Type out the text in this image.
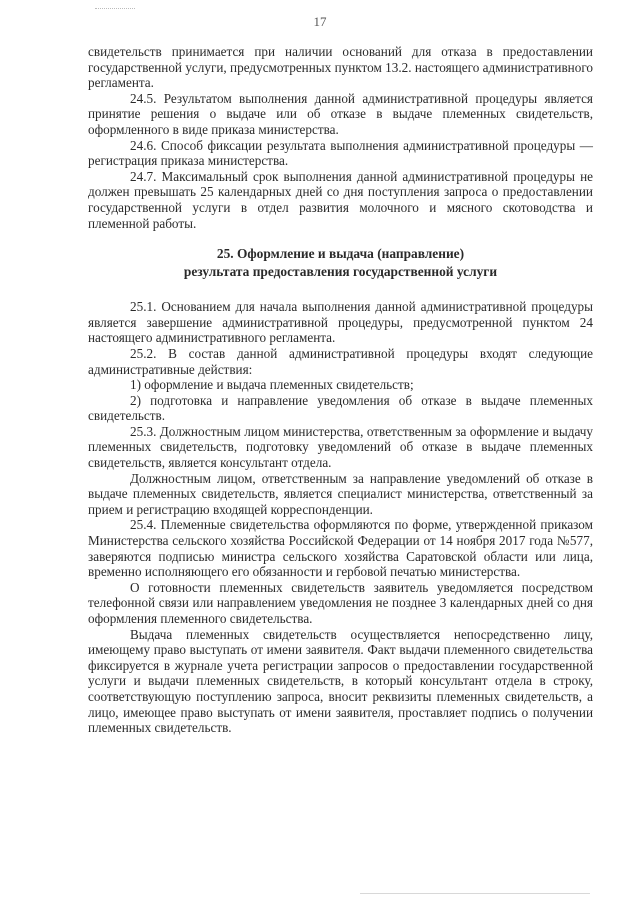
17

свидетельств принимается при наличии оснований для отказа в предоставлении государственной услуги, предусмотренных пунктом 13.2. настоящего административного регламента.

24.5. Результатом выполнения данной административной процедуры является принятие решения о выдаче или об отказе в выдаче племенных свидетельств, оформленного в виде приказа министерства.

24.6. Способ фиксации результата выполнения административной процедуры — регистрация приказа министерства.

24.7. Максимальный срок выполнения данной административной процедуры не должен превышать 25 календарных дней со дня поступления запроса о предоставлении государственной услуги в отдел развития молочного и мясного скотоводства и племенной работы.

25. Оформление и выдача (направление)

результата предоставления государственной услуги

25.1. Основанием для начала выполнения данной административной процедуры является завершение административной процедуры, предусмотренной пунктом 24 настоящего административного регламента.

25.2. В состав данной административной процедуры входят следующие административные действия:

1) оформление и выдача племенных свидетельств;

2) подготовка и направление уведомления об отказе в выдаче племенных свидетельств.

25.3. Должностным лицом министерства, ответственным за оформление и выдачу племенных свидетельств, подготовку уведомлений об отказе в выдаче племенных свидетельств, является консультант отдела.

Должностным лицом, ответственным за направление уведомлений об отказе в выдаче племенных свидетельств, является специалист министерства, ответственный за прием и регистрацию входящей корреспонденции.

25.4. Племенные свидетельства оформляются по форме, утвержденной приказом Министерства сельского хозяйства Российской Федерации от 14 ноября 2017 года №577, заверяются подписью министра сельского хозяйства Саратовской области или лица, временно исполняющего его обязанности и гербовой печатью министерства.

О готовности племенных свидетельств заявитель уведомляется посредством телефонной связи или направлением уведомления не позднее 3 календарных дней со дня оформления племенного свидетельства.

Выдача племенных свидетельств осуществляется непосредственно лицу, имеющему право выступать от имени заявителя. Факт выдачи племенного свидетельства фиксируется в журнале учета регистрации запросов о предоставлении государственной услуги и выдачи племенных свидетельств, в который консультант отдела в строку, соответствующую поступлению запроса, вносит реквизиты племенных свидетельств, а лицо, имеющее право выступать от имени заявителя, проставляет подпись о получении племенных свидетельств.
